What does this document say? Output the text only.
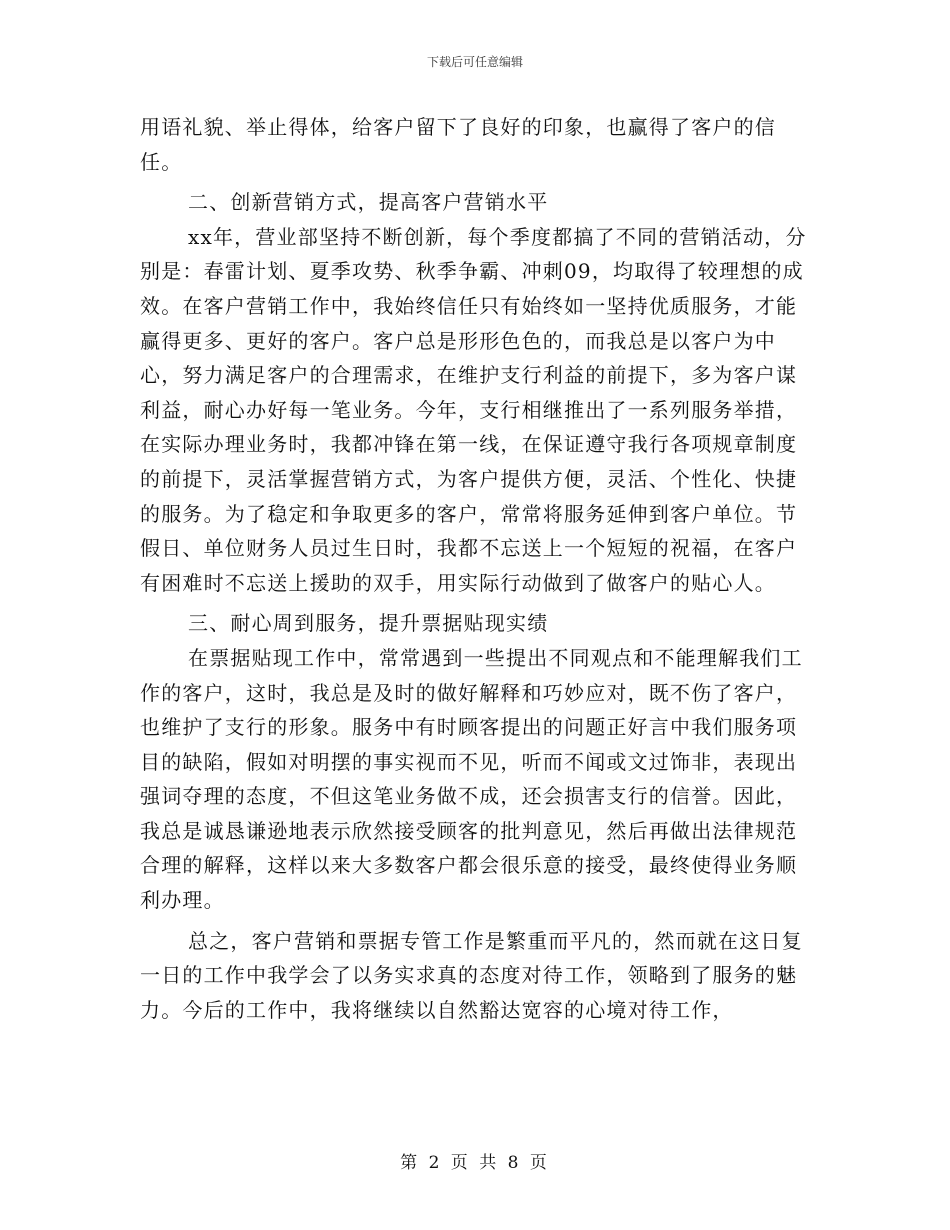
下载后可任意编辑

用语礼貌、举止得体，给客户留下了良好的印象，也赢得了客户的信任。

二、创新营销方式，提高客户营销水平

xx年，营业部坚持不断创新，每个季度都搞了不同的营销活动，分别是：春雷计划、夏季攻势、秋季争霸、冲刺09，均取得了较理想的成效。在客户营销工作中，我始终信任只有始终如一坚持优质服务，才能赢得更多、更好的客户。客户总是形形色色的，而我总是以客户为中心，努力满足客户的合理需求，在维护支行利益的前提下，多为客户谋利益，耐心办好每一笔业务。今年，支行相继推出了一系列服务举措，在实际办理业务时，我都冲锋在第一线，在保证遵守我行各项规章制度的前提下，灵活掌握营销方式，为客户提供方便，灵活、个性化、快捷的服务。为了稳定和争取更多的客户，常常将服务延伸到客户单位。节假日、单位财务人员过生日时，我都不忘送上一个短短的祝福，在客户有困难时不忘送上援助的双手，用实际行动做到了做客户的贴心人。

三、耐心周到服务，提升票据贴现实绩

在票据贴现工作中，常常遇到一些提出不同观点和不能理解我们工作的客户，这时，我总是及时的做好解释和巧妙应对，既不伤了客户，也维护了支行的形象。服务中有时顾客提出的问题正好言中我们服务项目的缺陷，假如对明摆的事实视而不见，听而不闻或文过饰非，表现出强词夺理的态度，不但这笔业务做不成，还会损害支行的信誉。因此，我总是诚恳谦逊地表示欣然接受顾客的批判意见，然后再做出法律规范合理的解释，这样以来大多数客户都会很乐意的接受，最终使得业务顺利办理。

总之，客户营销和票据专管工作是繁重而平凡的，然而就在这日复一日的工作中我学会了以务实求真的态度对待工作，领略到了服务的魅力。今后的工作中，我将继续以自然豁达宽容的心境对待工作，

第 2 页 共 8 页
